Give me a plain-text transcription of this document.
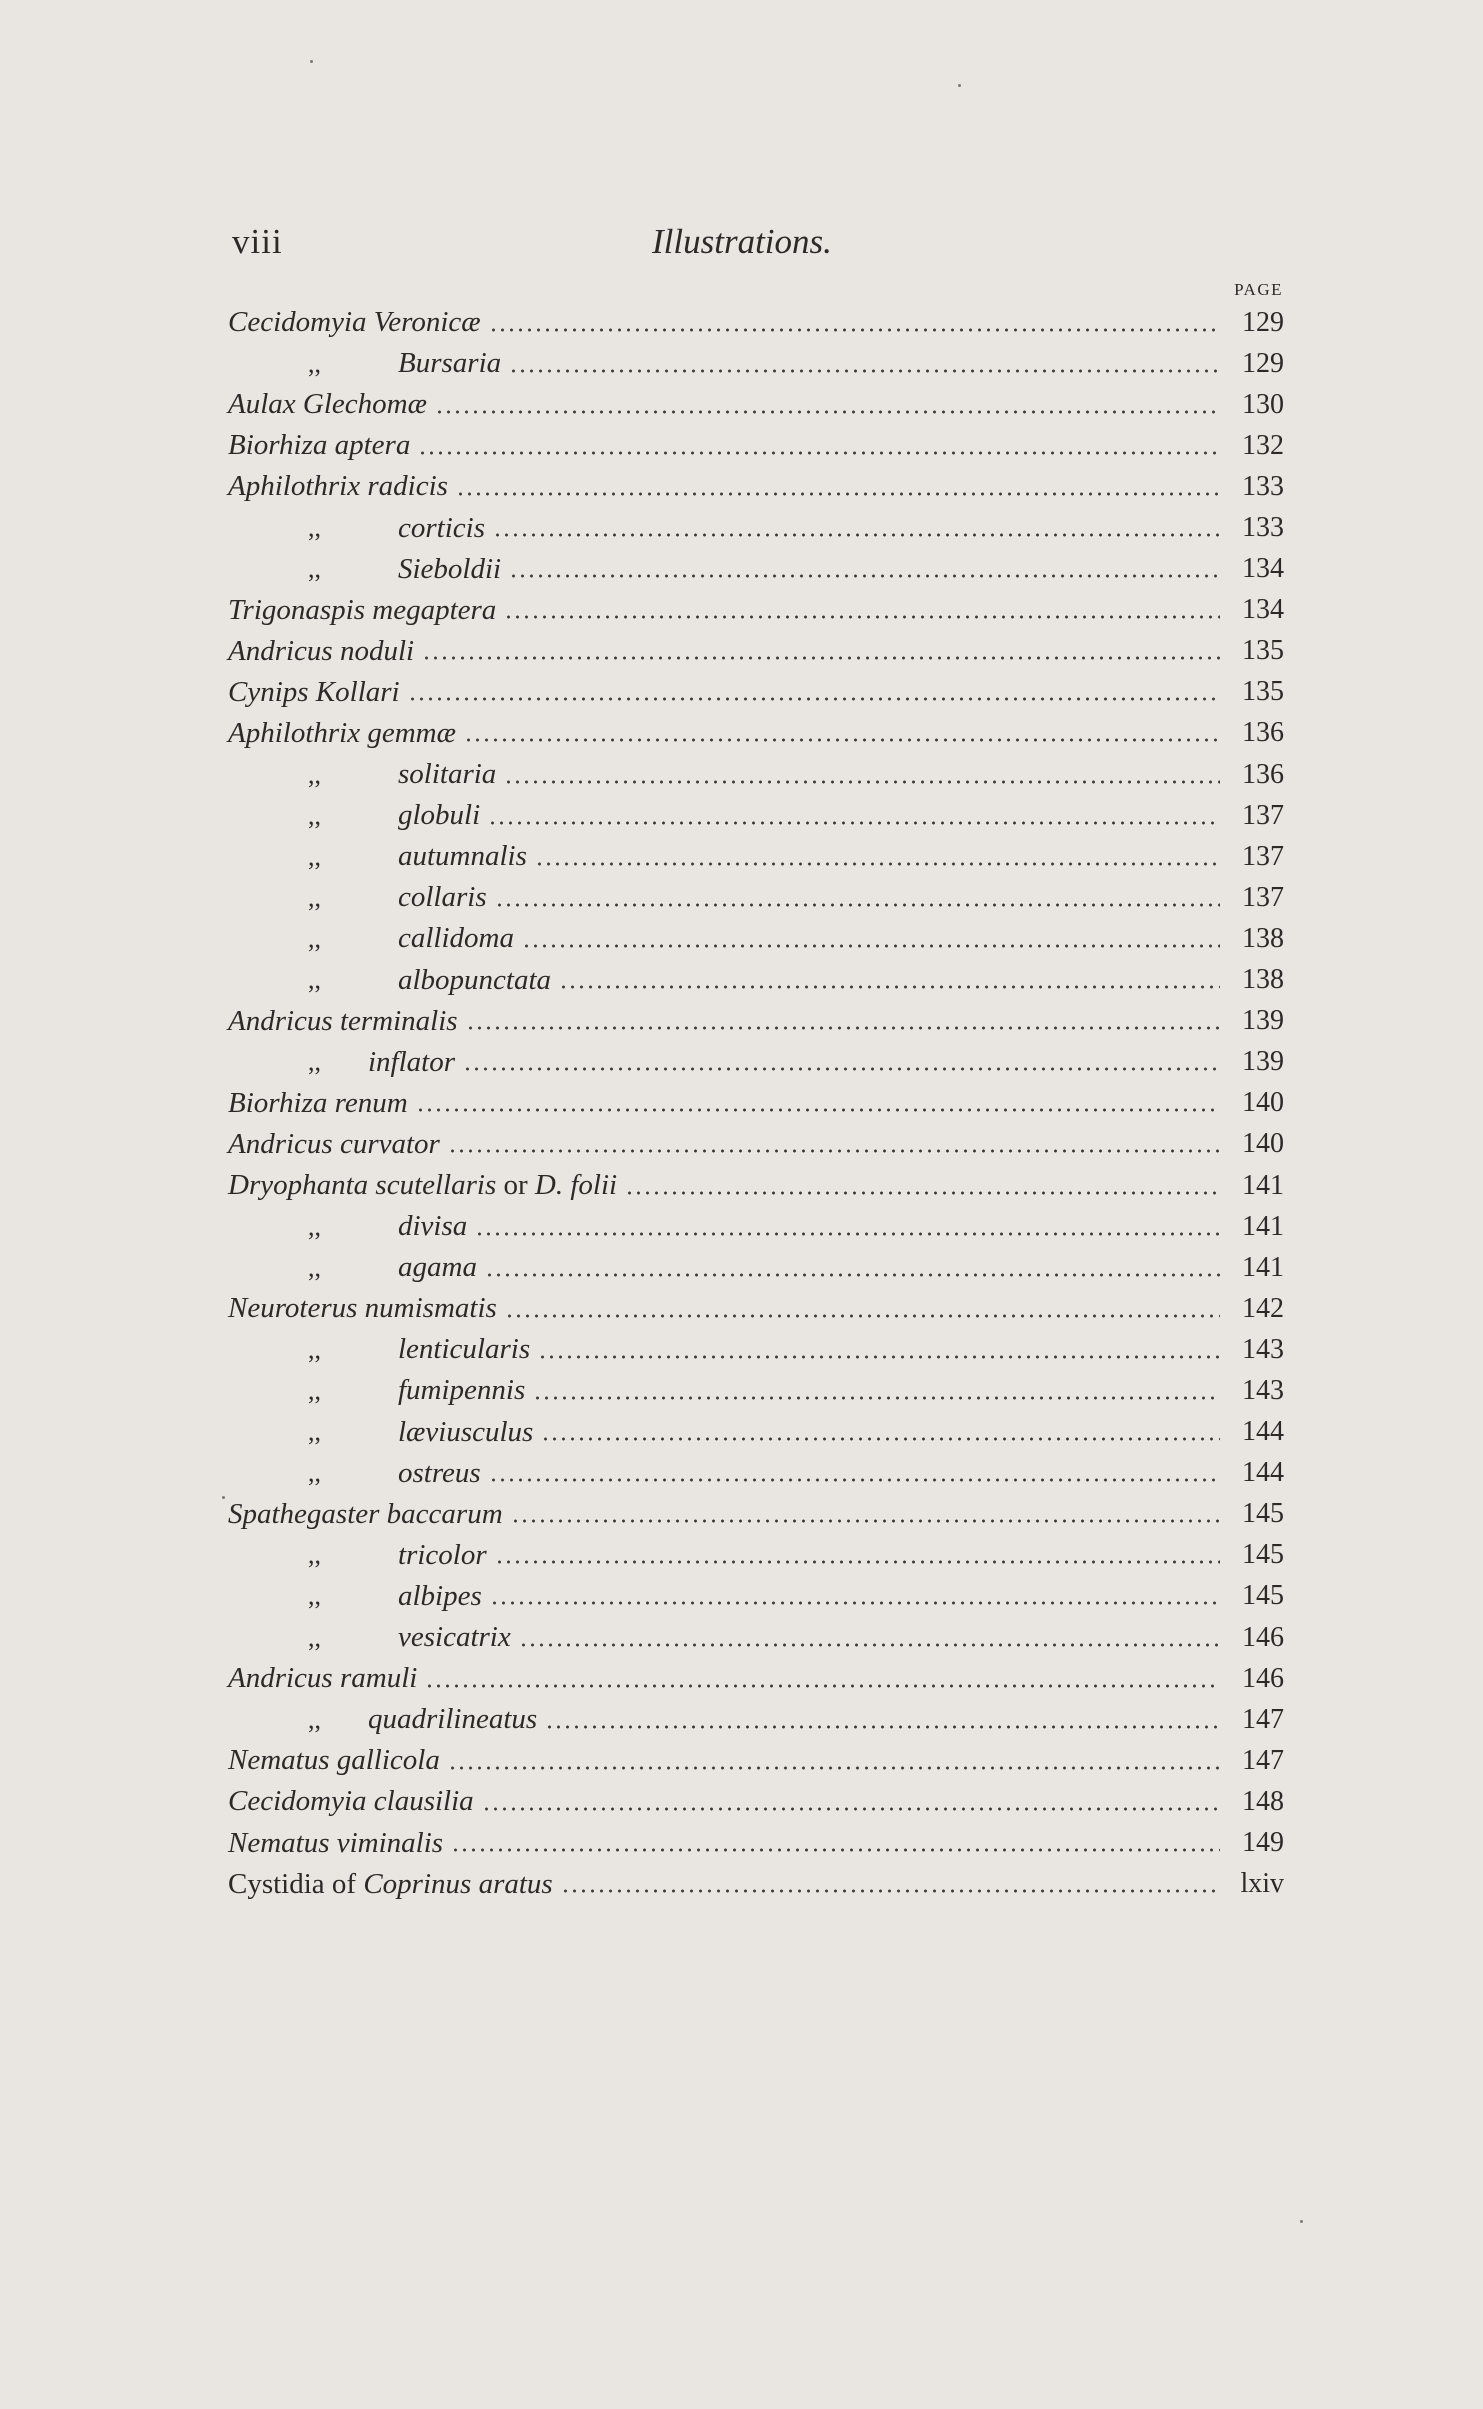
viii	Illustrations.
PAGE
Cecidomyia Veronicæ	129
,,	Bursaria	129
Aulax Glechomæ	130
Biorhiza aptera	132
Aphilothrix radicis	133
,,	corticis	133
,,	Sieboldii	134
Trigonaspis megaptera	134
Andricus noduli	135
Cynips Kollari	135
Aphilothrix gemmæ	136
,,	solitaria	136
,,	globuli	137
,,	autumnalis	137
,,	collaris	137
,,	callidoma	138
,,	albopunctata	138
Andricus terminalis	139
,,	inflator	139
Biorhiza renum	140
Andricus curvator	140
Dryophanta scutellaris or D. folii	141
,,	divisa	141
,,	agama	141
Neuroterus numismatis	142
,,	lenticularis	143
,,	fumipennis	143
,,	læviusculus	144
,,	ostreus	144
Spathegaster baccarum	145
,,	tricolor	145
,,	albipes	145
,,	vesicatrix	146
Andricus ramuli	146
,,	quadrilineatus	147
Nematus gallicola	147
Cecidomyia clausilia	148
Nematus viminalis	149
Cystidia of Coprinus aratus	lxiv
